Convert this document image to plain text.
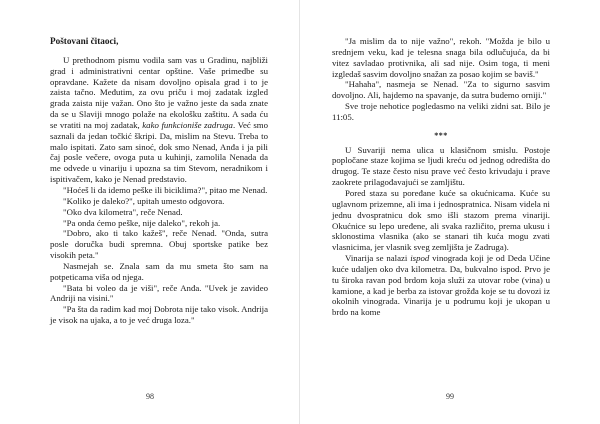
Poštovani čitaoci,

U prethodnom pismu vodila sam vas u Gradinu, najbliži grad i administrativni centar opštine. Vaše primedbe su opravdane. Kažete da nisam dovoljno opisala grad i to je zaista tačno. Međutim, za ovu priču i moj zadatak izgled grada zaista nije važan. Ono što je važno jeste da sada znate da se u Slaviji mnogo polaže na ekološku zaštitu. A sada ću se vratiti na moj zadatak, kako funkcioniše zadruga. Već smo saznali da jedan točkić škripi. Da, mislim na Stevu. Treba to malo ispitati. Zato sam sinoć, dok smo Nenad, Anđa i ja pili čaj posle večere, ovoga puta u kuhinji, zamolila Nenada da me odvede u vinariju i upozna sa tim Stevom, neradnikom i ispitivačem, kako je Nenad predstavio.

"Hoćeš li da idemo peške ili biciklima?", pitao me Nenad.

"Koliko je daleko?", upitah umesto odgovora.

"Oko dva kilometra", reče Nenad.

"Pa onda ćemo peške, nije daleko", rekoh ja.

"Dobro, ako ti tako kažeš", reče Nenad. "Onda, sutra posle doručka budi spremna. Obuj sportske patike bez visokih peta."

Nasmejah se. Znala sam da mu smeta što sam na potpeticama viša od njega.

"Bata bi voleo da je viši", reče Anđa. "Uvek je zavideo Andriji na visini."

"Pa šta da radim kad moj Dobrota nije tako visok. Andrija je visok na ujaka, a to je već druga loza."

98

"Ja mislim da to nije važno", rekoh. "Možda je bilo u srednjem veku, kad je telesna snaga bila odlučujuća, da bi vitez savladao protivnika, ali sad nije. Osim toga, ti meni izgledaš sasvim dovoljno snažan za posao kojim se baviš."

"Hahaha", nasmeja se Nenad. "Za to sigurno sasvim dovoljno. Ali, hajdemo na spavanje, da sutra budemo orniji."

Sve troje nehotice pogledasmo na veliki zidni sat. Bilo je 11:05.

***

U Suvariji nema ulica u klasičnom smislu. Postoje popločane staze kojima se ljudi kreću od jednog odredišta do drugog. Te staze često nisu prave već često krivudaju i prave zaokrete prilagođavajući se zamljištu.

Pored staza su poređane kuće sa okućnicama. Kuće su uglavnom prizemne, ali ima i jednospratnica. Nisam videla ni jednu dvospratnicu dok smo išli stazom prema vinariji. Okućnice su lepo uređene, ali svaka različito, prema ukusu i sklonostima vlasnika (ako se stanari tih kuća mogu zvati vlasnicima, jer vlasnik sveg zemljišta je Zadruga).

Vinarija se nalazi ispod vinograda koji je od Deda Učine kuće udaljen oko dva kilometra. Da, bukvalno ispod. Prvo je tu široka ravan pod brdom koja služi za utovar robe (vina) u kamione, a kad je berba za istovar grožđa koje se tu dovozi iz okolnih vinograda. Vinarija je u podrumu koji je ukopan u brdo na kome

99
